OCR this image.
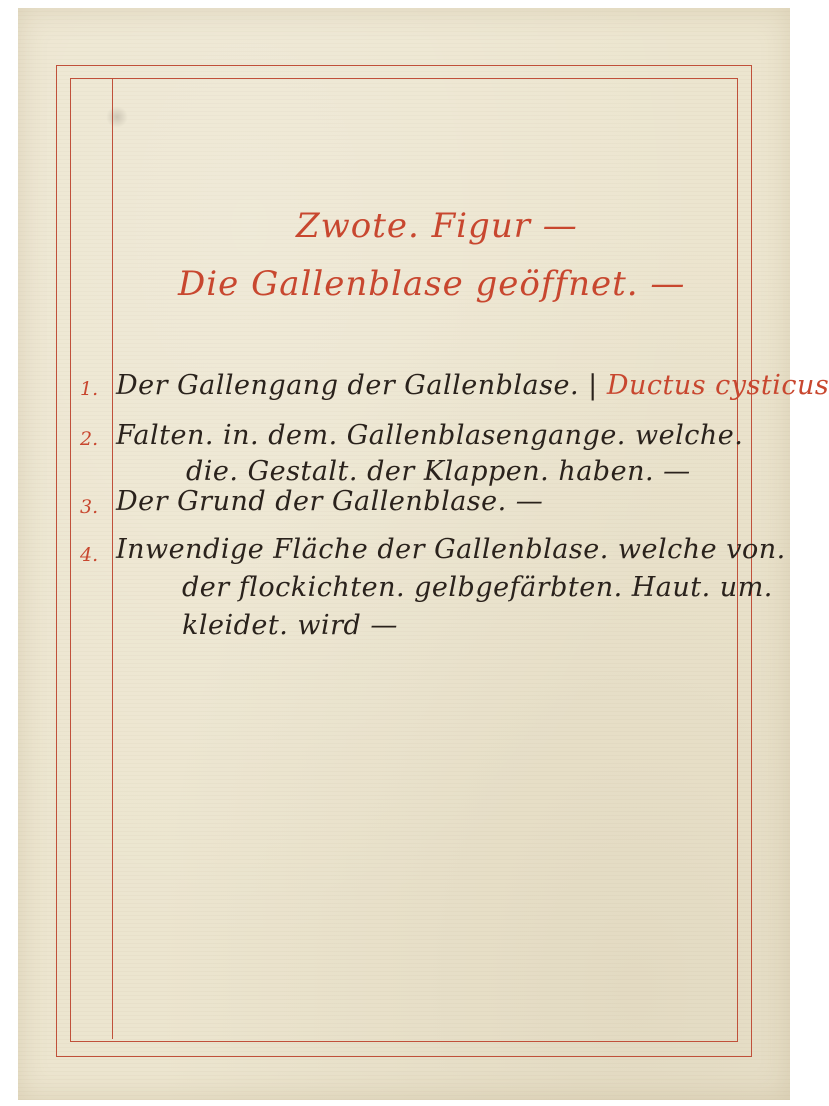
Zwote. Figur —
Die Gallenblase geöffnet. —
1. Der Gallengang der Gallenblase. | Ductus cysticus
2. Falten. in. dem. Gallenblasengange. welche.
die. Gestalt. der Klappen. haben. —
3. Der Grund der Gallenblase. —
4. Inwendige Fläche der Gallenblase. welche von.
der flockichten. gelbgefärbten. Haut. um.
kleidet. wird —
